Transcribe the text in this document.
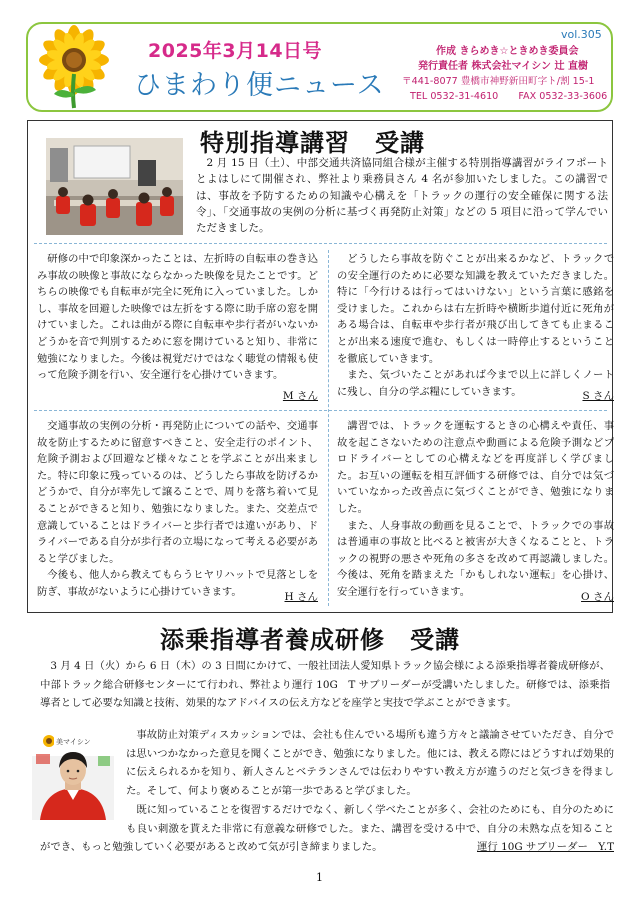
2025年3月14日号
ひまわり便ニュース
vol.305
作成 きらめき☆ときめき委員会
発行責任者 株式会社マイシン 辻 直樹
〒441-8077 豊橋市神野新田町字ト/割 15-1
TEL 0532-31-4610 FAX 0532-33-3606
特別指導講習　受講
2 月 15 日（土）、中部交通共済協同組合様が主催する特別指導講習がライフポートとよはしにて開催され、弊社より乗務員さん 4 名が参加いたしました。この講習では、事故を予防するための知識や心構えを「トラックの運行の安全確保に関する法令」、「交通事故の実例の分析に基づく再発防止対策」などの 5 項目に沿って学んでいただきました。

研修の中で印象深かったことは、左折時の自転車の巻き込み事故の映像と事故にならなかった映像を見たことです。どちらの映像でも自転車が完全に死角に入っていました。しかし、事故を回避した映像では左折をする際に助手席の窓を開けていました。これは曲がる際に自転車や歩行者がいないかどうかを音で判別するために窓を開けていると知り、非常に勉強になりました。今後は視覚だけではなく聴覚の情報も使って危険予測を行い、安全運行を心掛けていきます。

M さん

どうしたら事故を防ぐことが出来るかなど、トラックでの安全運行のために必要な知識を教えていただきました。特に「今行けるは行ってはいけない」という言葉に感銘を受けました。これからは右左折時や横断歩道付近に死角がある場合は、自転車や歩行者が飛び出してきても止まることが出来る速度で進む、もしくは一時停止するということを徹底していきます。

また、気づいたことがあれば今まで以上に詳しくノートに残し、自分の学ぶ糧にしていきます。	S さん

交通事故の実例の分析・再発防止についての話や、交通事故を防止するために留意すべきこと、安全走行のポイント、危険予測および回避など様々なことを学ぶことが出来ました。特に印象に残っているのは、どうしたら事故を防げるかどうかで、自分が率先して譲ることで、周りを落ち着いて見ることができると知り、勉強になりました。また、交差点で意識していることはドライバーと歩行者では違いがあり、ドライバーである自分が歩行者の立場になって考える必要があると学びました。

今後も、他人から教えてもらうヒヤリハットで見落としを防ぎ、事故がないように心掛けていきます。	H さん

講習では、トラックを運転するときの心構えや責任、事故を起こさないための注意点や動画による危険予測などプロドライバーとしての心構えなどを再度詳しく学びました。お互いの運転を相互評価する研修では、自分では気づいていなかった改善点に気づくことができ、勉強になりました。

また、人身事故の動画を見ることで、トラックでの事故は普通車の事故と比べると被害が大きくなることと、トラックの視野の悪さや死角の多さを改めて再認識しました。今後は、死角を踏まえた「かもしれない運転」を心掛け、安全運行を行っていきます。	O さん
添乗指導者養成研修　受講

3 月 4 日（火）から 6 日（木）の 3 日間にかけて、一般社団法人愛知県トラック協会様による添乗指導者養成研修が、中部トラック総合研修センターにて行われ、弊社より運行 10G　T サブリーダーが受講いたしました。研修では、添乗指導者として必要な知識と技術、効果的なアドバイスの伝え方などを座学と実技で学ぶことができます。

事故防止対策ディスカッションでは、会社も住んでいる場所も違う方々と議論させていただき、自分では思いつかなかった意見を聞くことができ、勉強になりました。他には、教える際にはどうすれば効果的に伝えられるかを知り、新人さんとベテランさんでは伝わりやすい教え方が違うのだと気づきを得ました。そして、何より褒めることが第一歩であると学びました。

既に知っていることを復習するだけでなく、新しく学べたことが多く、会社のためにも、自分のためにも良い刺激を貰えた非常に有意義な研修でした。また、講習を受ける中で、自分の未熟な点を知ることができ、もっと勉強していく必要があると改めて気が引き締まりました。	運行 10G サブリーダー　Y.T
美マイシン
1
